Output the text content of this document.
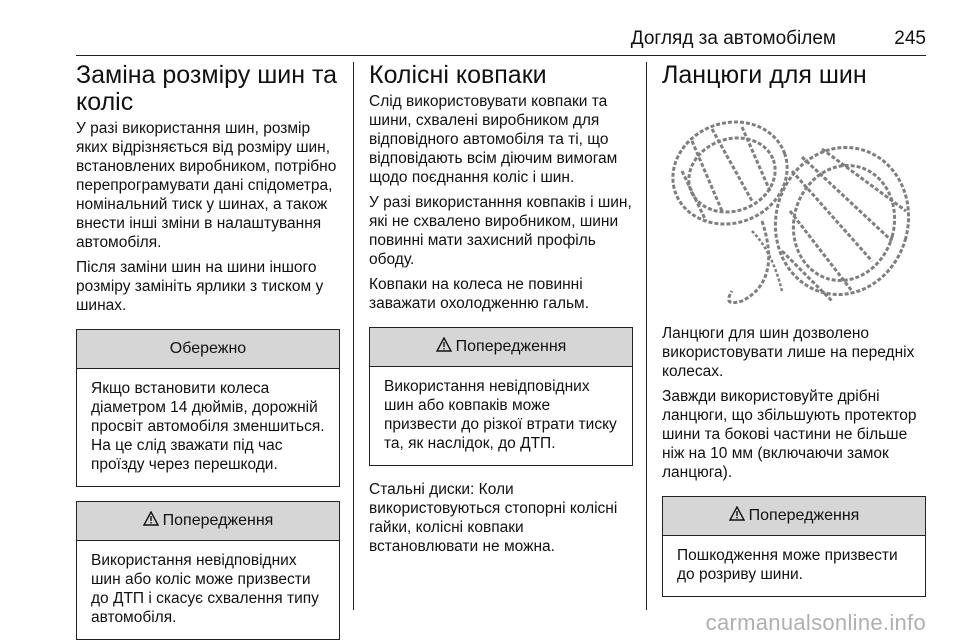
Догляд за автомобілем	245
Заміна розміру шин та коліс

У разі використання шин, розмір яких відрізняється від розміру шин, встановлених виробником, потрібно перепрограмувати дані спідометра, номінальний тиск у шинах, а також внести інші зміни в налаштування автомобіля.

Після заміни шин на шини іншого розміру замініть ярлики з тиском у шинах.

Обережно
Якщо встановити колеса діаметром 14 дюймів, дорожній просвіт автомобіля зменшиться. На це слід зважати під час проїзду через перешкоди.
Попередження
Використання невідповідних шин або коліс може призвести до ДТП і скасує схвалення типу автомобіля.
Колісні ковпаки

Слід використовувати ковпаки та шини, схвалені виробником для відповідного автомобіля та ті, що відповідають всім діючим вимогам щодо поєднання коліс і шин.

У разі використанння ковпаків і шин, які не схвалено виробником, шини повинні мати захисний профіль ободу.

Ковпаки на колеса не повинні заважати охолодженню гальм.

Попередження
Використання невідповідних шин або ковпаків може призвести до різкої втрати тиску та, як наслідок, до ДТП.

Стальні диски: Коли використовуються стопорні колісні гайки, колісні ковпаки встановлювати не можна.

Ланцюги для шин

Ланцюги для шин дозволено використовувати лише на передніх колесах.

Завжди використовуйте дрібні ланцюги, що збільшують протектор шини та бокові частини не більше ніж на 10 мм (включаючи замок ланцюга).

Попередження
Пошкодження може призвести до розриву шини.
carmanualsonline.info
